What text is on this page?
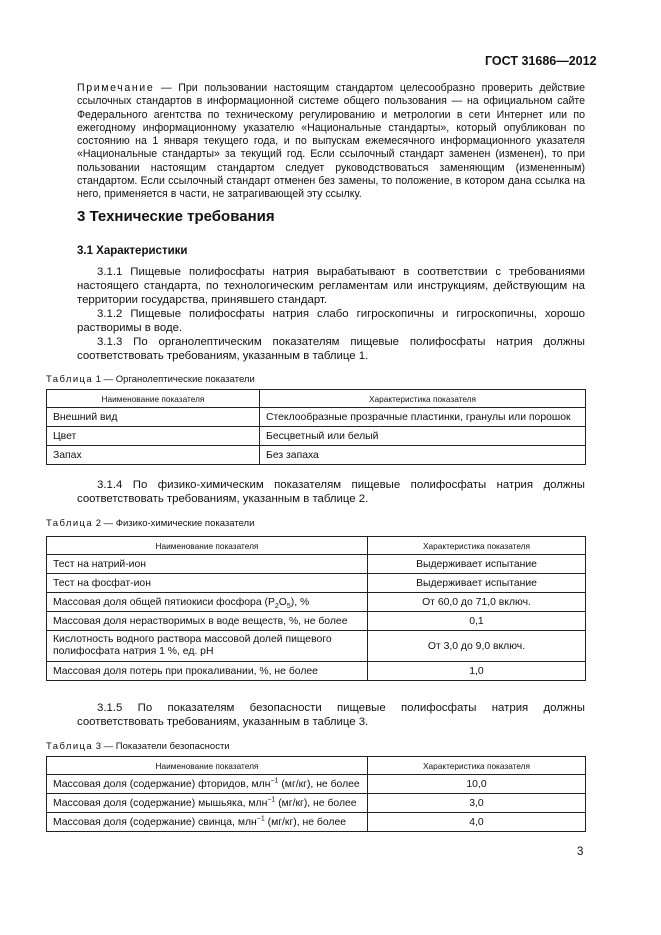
ГОСТ 31686—2012
Примечание — При пользовании настоящим стандартом целесообразно проверить действие ссылочных стандартов в информационной системе общего пользования — на официальном сайте Федерального агентства по техническому регулированию и метрологии в сети Интернет или по ежегодному информационному указателю «Национальные стандарты», который опубликован по состоянию на 1 января текущего года, и по выпускам ежемесячного информационного указателя «Национальные стандарты» за текущий год. Если ссылочный стандарт заменен (изменен), то при пользовании настоящим стандартом следует руководствоваться заменяющим (измененным) стандартом. Если ссылочный стандарт отменен без замены, то положение, в котором дана ссылка на него, применяется в части, не затрагивающей эту ссылку.
3 Технические требования
3.1 Характеристики
3.1.1 Пищевые полифосфаты натрия вырабатывают в соответствии с требованиями настоящего стандарта, по технологическим регламентам или инструкциям, действующим на территории государства, принявшего стандарт.
3.1.2 Пищевые полифосфаты натрия слабо гигроскопичны и гигроскопичны, хорошо растворимы в воде.
3.1.3 По органолептическим показателям пищевые полифосфаты натрия должны соответствовать требованиям, указанным в таблице 1.
Таблица 1 — Органолептические показатели
Наименование показателя	Характеристика показателя
Внешний вид	Стеклообразные прозрачные пластинки, гранулы или порошок
Цвет	Бесцветный или белый
Запах	Без запаха
3.1.4 По физико-химическим показателям пищевые полифосфаты натрия должны соответствовать требованиям, указанным в таблице 2.
Таблица 2 — Физико-химические показатели
Наименование показателя	Характеристика показателя
Тест на натрий-ион	Выдерживает испытание
Тест на фосфат-ион	Выдерживает испытание
Массовая доля общей пятиокиси фосфора $(P_2O_5)$, %	От 60,0 до 71,0 включ.
Массовая доля нерастворимых в воде веществ, %, не более	0,1
Кислотность водного раствора массовой долей пищевого полифосфата натрия 1 %, ед. pH	От 3,0 до 9,0 включ.
Массовая доля потерь при прокаливании, %, не более	1,0
3.1.5 По показателям безопасности пищевые полифосфаты натрия должны соответствовать требованиям, указанным в таблице 3.
Таблица 3 — Показатели безопасности
Наименование показателя	Характеристика показателя
Массовая доля (содержание) фторидов, млн$^{-1}$ (мг/кг), не более	10,0
Массовая доля (содержание) мышьяка, млн$^{-1}$ (мг/кг), не более	3,0
Массовая доля (содержание) свинца, млн$^{-1}$ (мг/кг), не более	4,0
3
